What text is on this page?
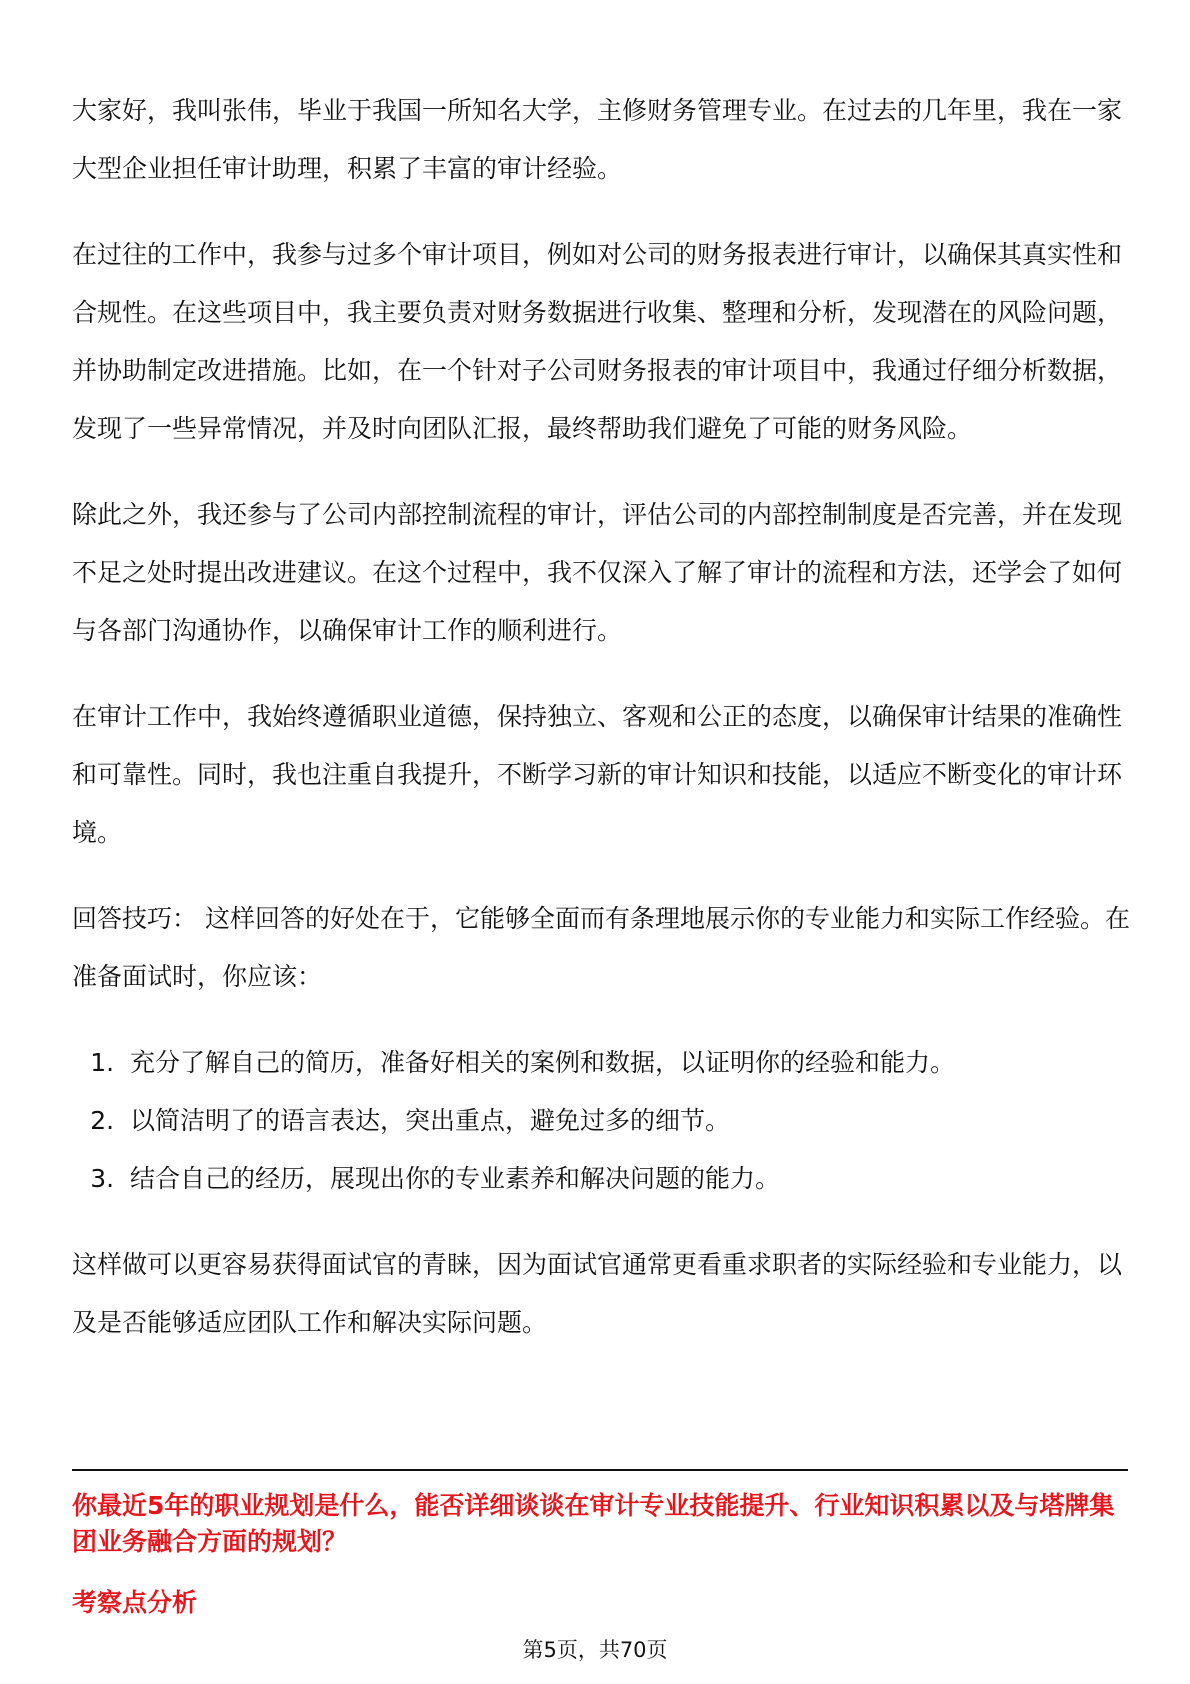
大家好，我叫张伟，毕业于我国一所知名大学，主修财务管理专业。在过去的几年里，我在一家大型企业担任审计助理，积累了丰富的审计经验。

在过往的工作中，我参与过多个审计项目，例如对公司的财务报表进行审计，以确保其真实性和合规性。在这些项目中，我主要负责对财务数据进行收集、整理和分析，发现潜在的风险问题，并协助制定改进措施。比如，在一个针对子公司财务报表的审计项目中，我通过仔细分析数据，发现了一些异常情况，并及时向团队汇报，最终帮助我们避免了可能的财务风险。

除此之外，我还参与了公司内部控制流程的审计，评估公司的内部控制制度是否完善，并在发现不足之处时提出改进建议。在这个过程中，我不仅深入了解了审计的流程和方法，还学会了如何与各部门沟通协作，以确保审计工作的顺利进行。

在审计工作中，我始终遵循职业道德，保持独立、客观和公正的态度，以确保审计结果的准确性和可靠性。同时，我也注重自我提升，不断学习新的审计知识和技能，以适应不断变化的审计环境。

回答技巧： 这样回答的好处在于，它能够全面而有条理地展示你的专业能力和实际工作经验。在准备面试时，你应该：

1. 充分了解自己的简历，准备好相关的案例和数据，以证明你的经验和能力。
2. 以简洁明了的语言表达，突出重点，避免过多的细节。
3. 结合自己的经历，展现出你的专业素养和解决问题的能力。

这样做可以更容易获得面试官的青睐，因为面试官通常更看重求职者的实际经验和专业能力，以及是否能够适应团队工作和解决实际问题。

你最近5年的职业规划是什么，能否详细谈谈在审计专业技能提升、行业知识积累以及与塔牌集团业务融合方面的规划？
考察点分析
第5页，共70页
